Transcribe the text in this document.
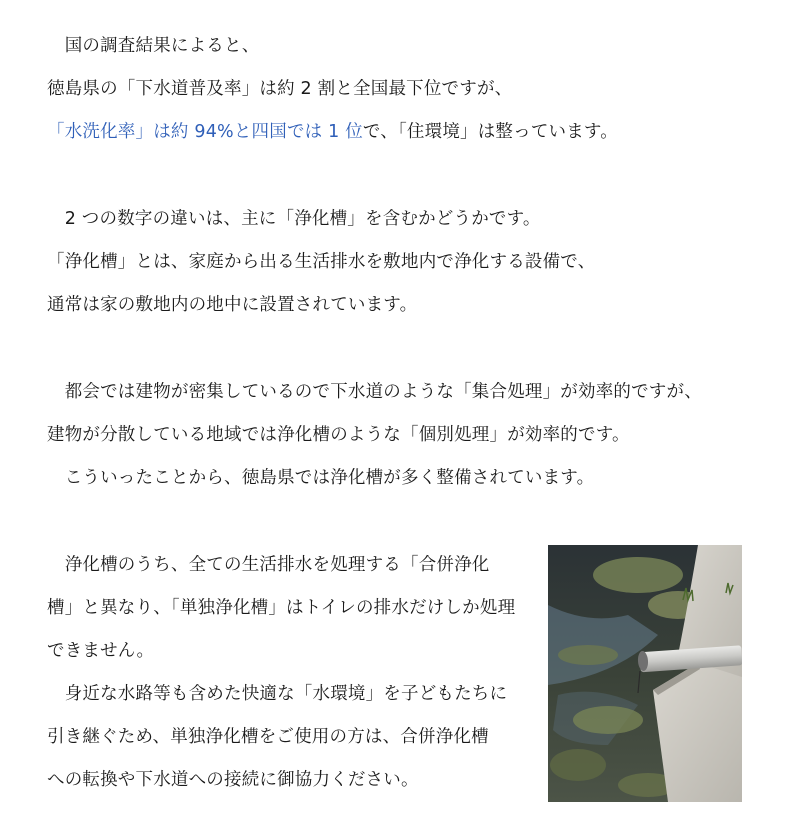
　国の調査結果によると、
徳島県の「下水道普及率」は約 2 割と全国最下位ですが、
「水洗化率」は約 94%と四国では 1 位で、「住環境」は整っています。
　2 つの数字の違いは、主に「浄化槽」を含むかどうかです。
「浄化槽」とは、家庭から出る生活排水を敷地内で浄化する設備で、
通常は家の敷地内の地中に設置されています。
　都会では建物が密集しているので下水道のような「集合処理」が効率的ですが、
建物が分散している地域では浄化槽のような「個別処理」が効率的です。
　こういったことから、徳島県では浄化槽が多く整備されています。
　浄化槽のうち、全ての生活排水を処理する「合併浄化
槽」と異なり、「単独浄化槽」はトイレの排水だけしか処理
できません。
　身近な水路等も含めた快適な「水環境」を子どもたちに
引き継ぐため、単独浄化槽をご使用の方は、合併浄化槽
への転換や下水道への接続に御協力ください。
